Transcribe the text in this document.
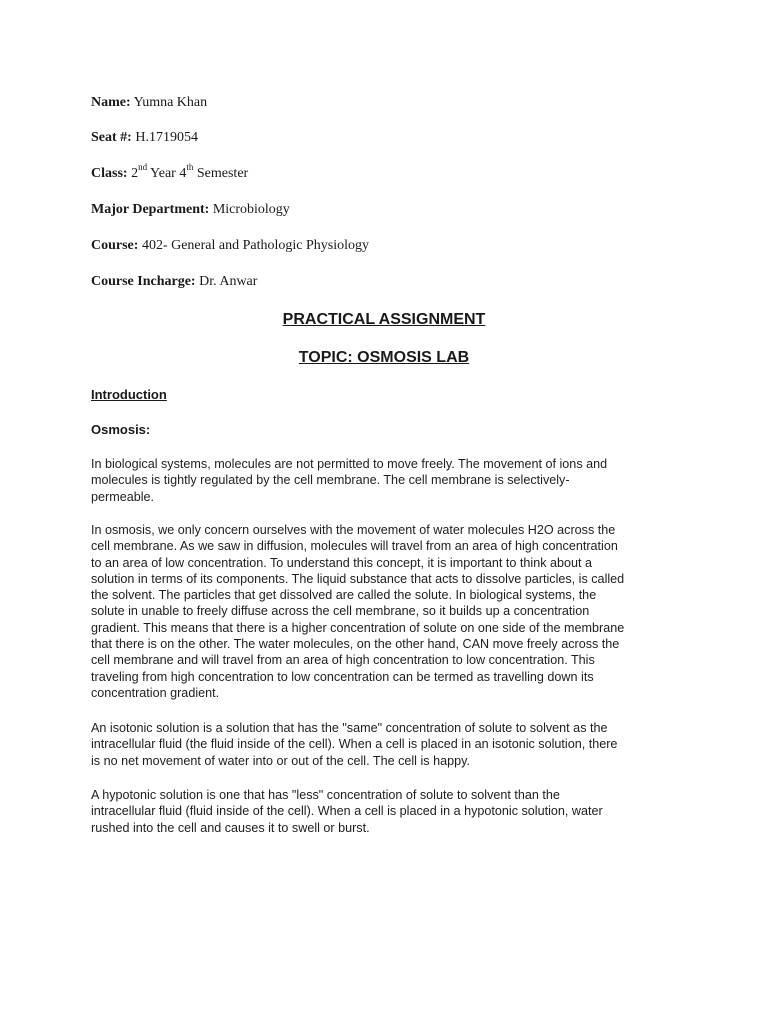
Name: Yumna Khan
Seat #: H.1719054
Class: 2nd Year 4th Semester
Major Department: Microbiology
Course: 402- General and Pathologic Physiology
Course Incharge: Dr. Anwar
PRACTICAL ASSIGNMENT
TOPIC: OSMOSIS LAB
Introduction
Osmosis:
In biological systems, molecules are not permitted to move freely. The movement of ions and
molecules is tightly regulated by the cell membrane. The cell membrane is selectively-
permeable.
In osmosis, we only concern ourselves with the movement of water molecules H2O across the
cell membrane. As we saw in diffusion, molecules will travel from an area of high concentration
to an area of low concentration. To understand this concept, it is important to think about a
solution in terms of its components. The liquid substance that acts to dissolve particles, is called
the solvent. The particles that get dissolved are called the solute. In biological systems, the
solute in unable to freely diffuse across the cell membrane, so it builds up a concentration
gradient. This means that there is a higher concentration of solute on one side of the membrane
that there is on the other. The water molecules, on the other hand, CAN move freely across the
cell membrane and will travel from an area of high concentration to low concentration. This
traveling from high concentration to low concentration can be termed as travelling down its
concentration gradient.
An isotonic solution is a solution that has the "same" concentration of solute to solvent as the
intracellular fluid (the fluid inside of the cell). When a cell is placed in an isotonic solution, there
is no net movement of water into or out of the cell. The cell is happy.
A hypotonic solution is one that has "less" concentration of solute to solvent than the
intracellular fluid (fluid inside of the cell). When a cell is placed in a hypotonic solution, water
rushed into the cell and causes it to swell or burst.
